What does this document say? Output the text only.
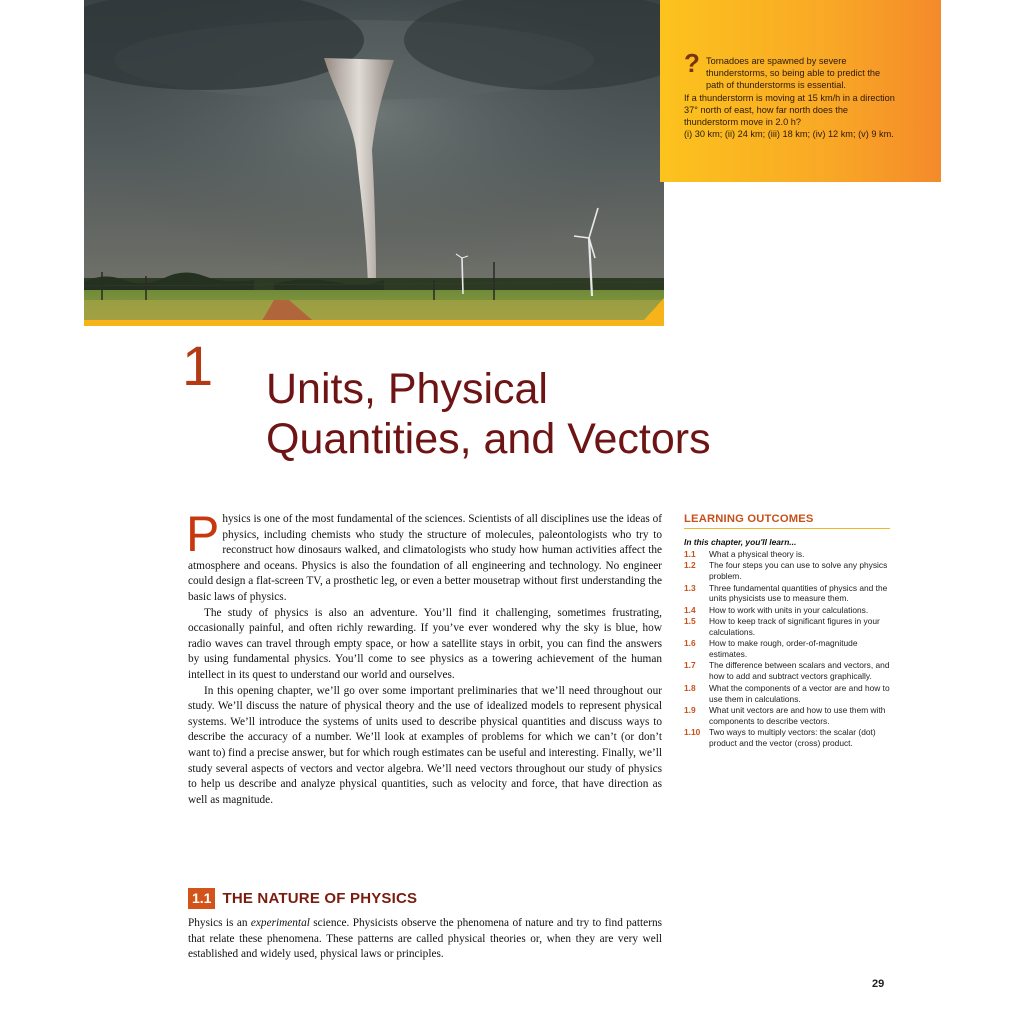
? Tornadoes are spawned by severe thunderstorms, so being able to predict the path of thunderstorms is essential.
If a thunderstorm is moving at 15 km/h in a direction 37° north of east, how far north does the thunderstorm move in 2.0 h?
(i) 30 km; (ii) 24 km; (iii) 18 km; (iv) 12 km; (v) 9 km.
1 Units, Physical
Quantities, and Vectors

Physics is one of the most fundamental of the sciences. Scientists of all disciplines use the ideas of physics, including chemists who study the structure of molecules, paleontologists who try to reconstruct how dinosaurs walked, and climatologists who study how human activities affect the atmosphere and oceans. Physics is also the foundation of all engineering and technology. No engineer could design a flat-screen TV, a prosthetic leg, or even a better mousetrap without first understanding the basic laws of physics.

The study of physics is also an adventure. You’ll find it challenging, sometimes frustrating, occasionally painful, and often richly rewarding. If you’ve ever wondered why the sky is blue, how radio waves can travel through empty space, or how a satellite stays in orbit, you can find the answers by using fundamental physics. You’ll come to see physics as a towering achievement of the human intellect in its quest to understand our world and ourselves.

In this opening chapter, we’ll go over some important preliminaries that we’ll need throughout our study. We’ll discuss the nature of physical theory and the use of idealized models to represent physical systems. We’ll introduce the systems of units used to describe physical quantities and discuss ways to describe the accuracy of a number. We’ll look at examples of problems for which we can’t (or don’t want to) find a precise answer, but for which rough estimates can be useful and interesting. Finally, we’ll study several aspects of vectors and vector algebra. We’ll need vectors throughout our study of physics to help us describe and analyze physical quantities, such as velocity and force, that have direction as well as magnitude.

LEARNING OUTCOMES
In this chapter, you'll learn...
1.1	What a physical theory is.
1.2	The four steps you can use to solve any physics problem.
1.3	Three fundamental quantities of physics and the units physicists use to measure them.
1.4	How to work with units in your calculations.
1.5	How to keep track of significant figures in your calculations.
1.6	How to make rough, order-of-magnitude estimates.
1.7	The difference between scalars and vectors, and how to add and subtract vectors graphically.
1.8	What the components of a vector are and how to use them in calculations.
1.9	What unit vectors are and how to use them with components to describe vectors.
1.10	Two ways to multiply vectors: the scalar (dot) product and the vector (cross) product.
1.1 THE NATURE OF PHYSICS
Physics is an experimental science. Physicists observe the phenomena of nature and try to find patterns that relate these phenomena. These patterns are called physical theories or, when they are very well established and widely used, physical laws or principles.
29
